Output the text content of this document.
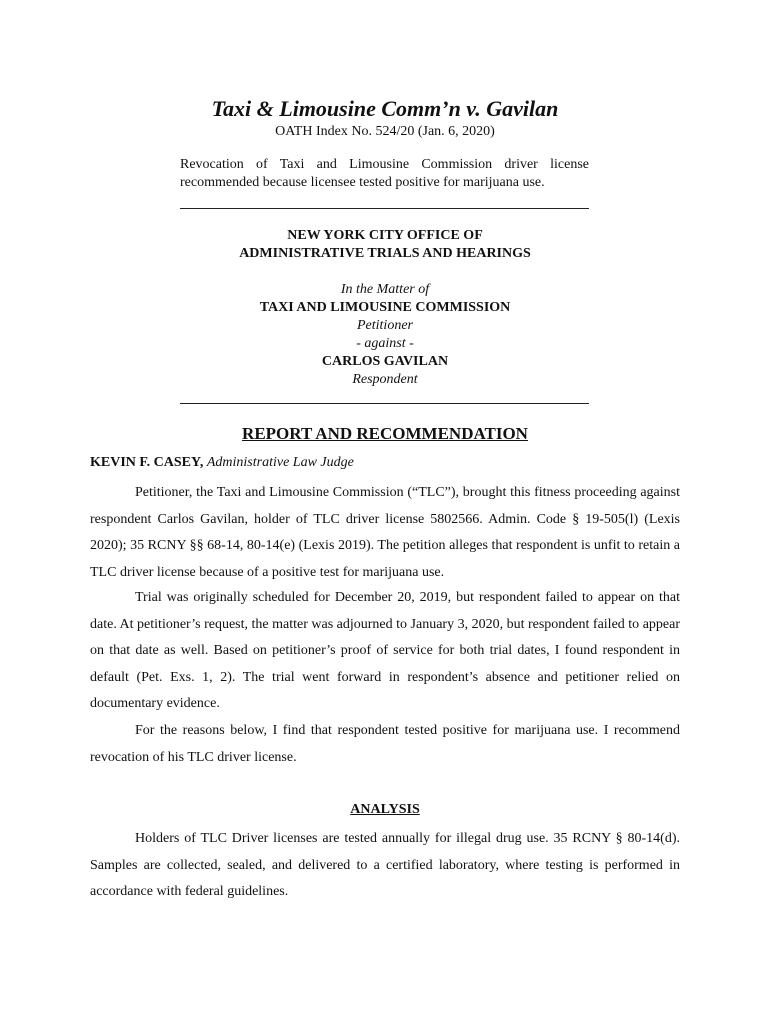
Taxi & Limousine Comm’n v. Gavilan
OATH Index No. 524/20 (Jan. 6, 2020)
Revocation of Taxi and Limousine Commission driver license
recommended because licensee tested positive for marijuana use.
NEW YORK CITY OFFICE OF
ADMINISTRATIVE TRIALS AND HEARINGS
In the Matter of
TAXI AND LIMOUSINE COMMISSION
Petitioner
- against -
CARLOS GAVILAN
Respondent
REPORT AND RECOMMENDATION
KEVIN F. CASEY, Administrative Law Judge

Petitioner, the Taxi and Limousine Commission (“TLC”), brought this fitness proceeding against respondent Carlos Gavilan, holder of TLC driver license 5802566. Admin. Code § 19-505(l) (Lexis 2020); 35 RCNY §§ 68-14, 80-14(e) (Lexis 2019). The petition alleges that respondent is unfit to retain a TLC driver license because of a positive test for marijuana use.

Trial was originally scheduled for December 20, 2019, but respondent failed to appear on that date. At petitioner’s request, the matter was adjourned to January 3, 2020, but respondent failed to appear on that date as well. Based on petitioner’s proof of service for both trial dates, I found respondent in default (Pet. Exs. 1, 2). The trial went forward in respondent’s absence and petitioner relied on documentary evidence.

For the reasons below, I find that respondent tested positive for marijuana use. I recommend revocation of his TLC driver license.

ANALYSIS

Holders of TLC Driver licenses are tested annually for illegal drug use. 35 RCNY § 80-14(d). Samples are collected, sealed, and delivered to a certified laboratory, where testing is performed in accordance with federal guidelines.
